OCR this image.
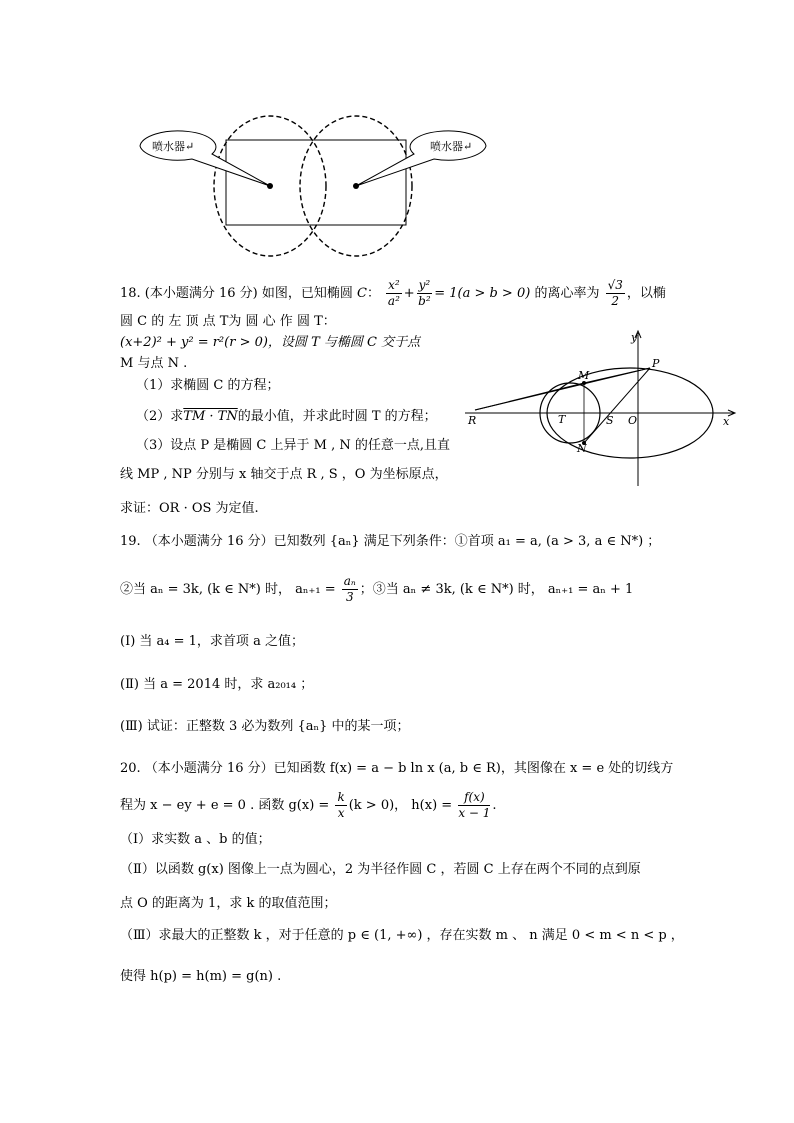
喷水器↵	喷水器↵
18. (本小题满分 16 分) 如图，已知椭圆 C： $\frac{\text{x²}}{\text{a²}} + \frac{\text{y²}}{\text{b²}} = 1(a > b > 0)$ 的离心率为 $\frac{√3}{2}$ ，以椭
圆 C 的 左 顶 点 T为 圆 心 作 圆 T：
(x+2)² + y² = r²(r > 0)，设圆 T 与椭圆 C 交于点
M 与点 N .
（1）求椭圆 C 的方程；
（2）求TM · TN的最小值，并求此时圆 T 的方程；
（3）设点 P 是椭圆 C 上异于 M , N 的任意一点,且直
线 MP , NP 分别与 x 轴交于点 R , S ，O 为坐标原点，
求证：OR · OS 为定值.
y
x
P
M
T	S O
R
N
19. （本小题满分 16 分）已知数列 {aₙ} 满足下列条件：①首项 a₁ = a, (a > 3, a ∈ N*) ；
②当 aₙ = 3k, (k ∈ N*) 时， $a_{n+1} = \frac{\text{aₙ}}{3}$ ；③当 aₙ ≠ 3k, (k ∈ N*) 时， aₙ₊₁ = aₙ + 1
(Ⅰ) 当 a₄ = 1，求首项 a 之值；
(Ⅱ) 当 a = 2014 时，求 a₂₀₁₄ ；
(Ⅲ) 试证：正整数 3 必为数列 {aₙ} 中的某一项；
20. （本小题满分 16 分）已知函数 f(x) = a − b ln x (a, b ∈ R)，其图像在 x = e 处的切线方
程为 x − ey + e = 0 . 函数 $g(x) = \frac{k}{x} (k > 0)$， $h(x) = \frac{f(x)}{x - 1}$ .
（Ⅰ）求实数 a 、b 的值；
（Ⅱ）以函数 g(x) 图像上一点为圆心，2 为半径作圆 C ，若圆 C 上存在两个不同的点到原
点 O 的距离为 1，求 k 的取值范围；
（Ⅲ）求最大的正整数 k ，对于任意的 p ∈ (1, +∞) ，存在实数 m 、 n 满足 0 < m < n < p ，
使得 h(p) = h(m) = g(n) .
